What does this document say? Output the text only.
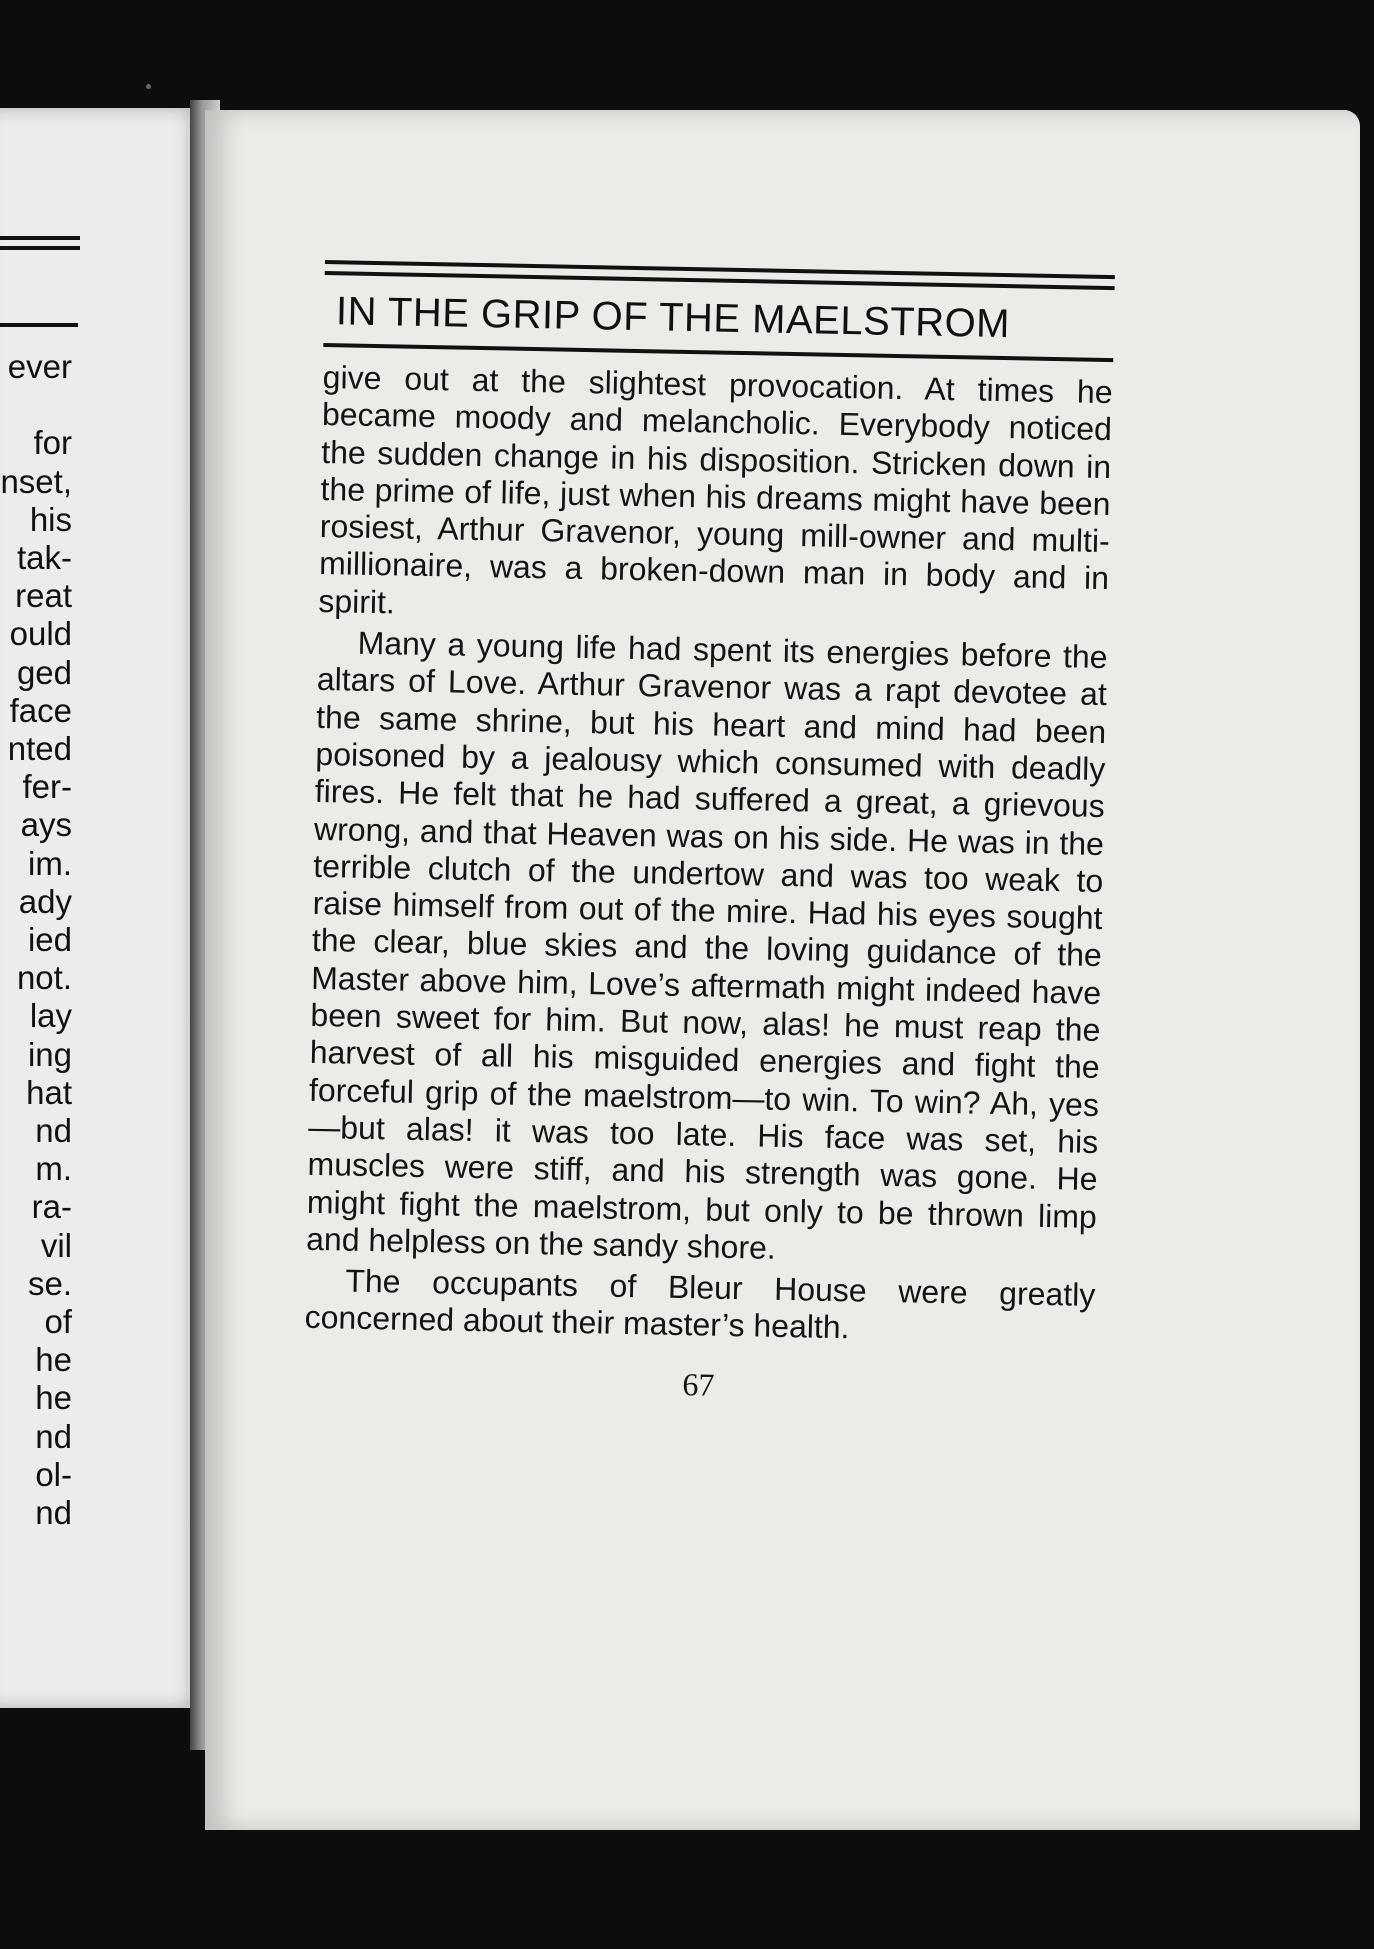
ever
for
nset,
his
tak-
reat
ould
ged
face
nted
fer-
ays
im.
ady
ied
not.
lay
ing
hat
nd
m.
ra-
vil
se.
of
he
he
nd
ol-
nd
IN THE GRIP OF THE MAELSTROM

give out at the slightest provocation. At times he became moody and melancholic. Everybody noticed the sudden change in his disposition. Stricken down in the prime of life, just when his dreams might have been rosiest, Arthur Gravenor, young mill-owner and multi-millionaire, was a broken-down man in body and in spirit.

Many a young life had spent its energies before the altars of Love. Arthur Gravenor was a rapt devotee at the same shrine, but his heart and mind had been poisoned by a jealousy which consumed with deadly fires. He felt that he had suffered a great, a grievous wrong, and that Heaven was on his side. He was in the terrible clutch of the undertow and was too weak to raise himself from out of the mire. Had his eyes sought the clear, blue skies and the loving guidance of the Master above him, Love’s aftermath might indeed have been sweet for him. But now, alas! he must reap the harvest of all his misguided energies and fight the forceful grip of the maelstrom—to win. To win? Ah, yes —but alas! it was too late. His face was set, his muscles were stiff, and his strength was gone. He might fight the maelstrom, but only to be thrown limp and helpless on the sandy shore.

The occupants of Bleur House were greatly concerned about their master’s health.

67
